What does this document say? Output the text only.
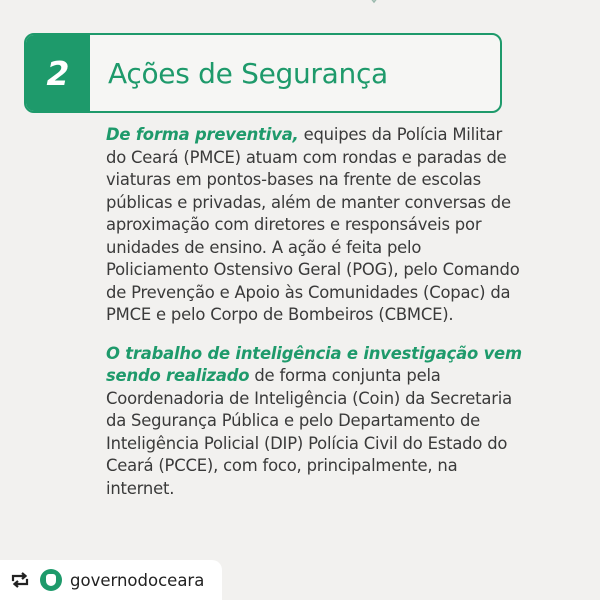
2 Ações de Segurança

De forma preventiva, equipes da Polícia Militar do Ceará (PMCE) atuam com rondas e paradas de viaturas em pontos-bases na frente de escolas públicas e privadas, além de manter conversas de aproximação com diretores e responsáveis por unidades de ensino. A ação é feita pelo Policiamento Ostensivo Geral (POG), pelo Comando de Prevenção e Apoio às Comunidades (Copac) da PMCE e pelo Corpo de Bombeiros (CBMCE).

O trabalho de inteligência e investigação vem sendo realizado de forma conjunta pela Coordenadoria de Inteligência (Coin) da Secretaria da Segurança Pública e pelo Departamento de Inteligência Policial (DIP) Polícia Civil do Estado do Ceará (PCCE), com foco, principalmente, na internet.

governodoceara
